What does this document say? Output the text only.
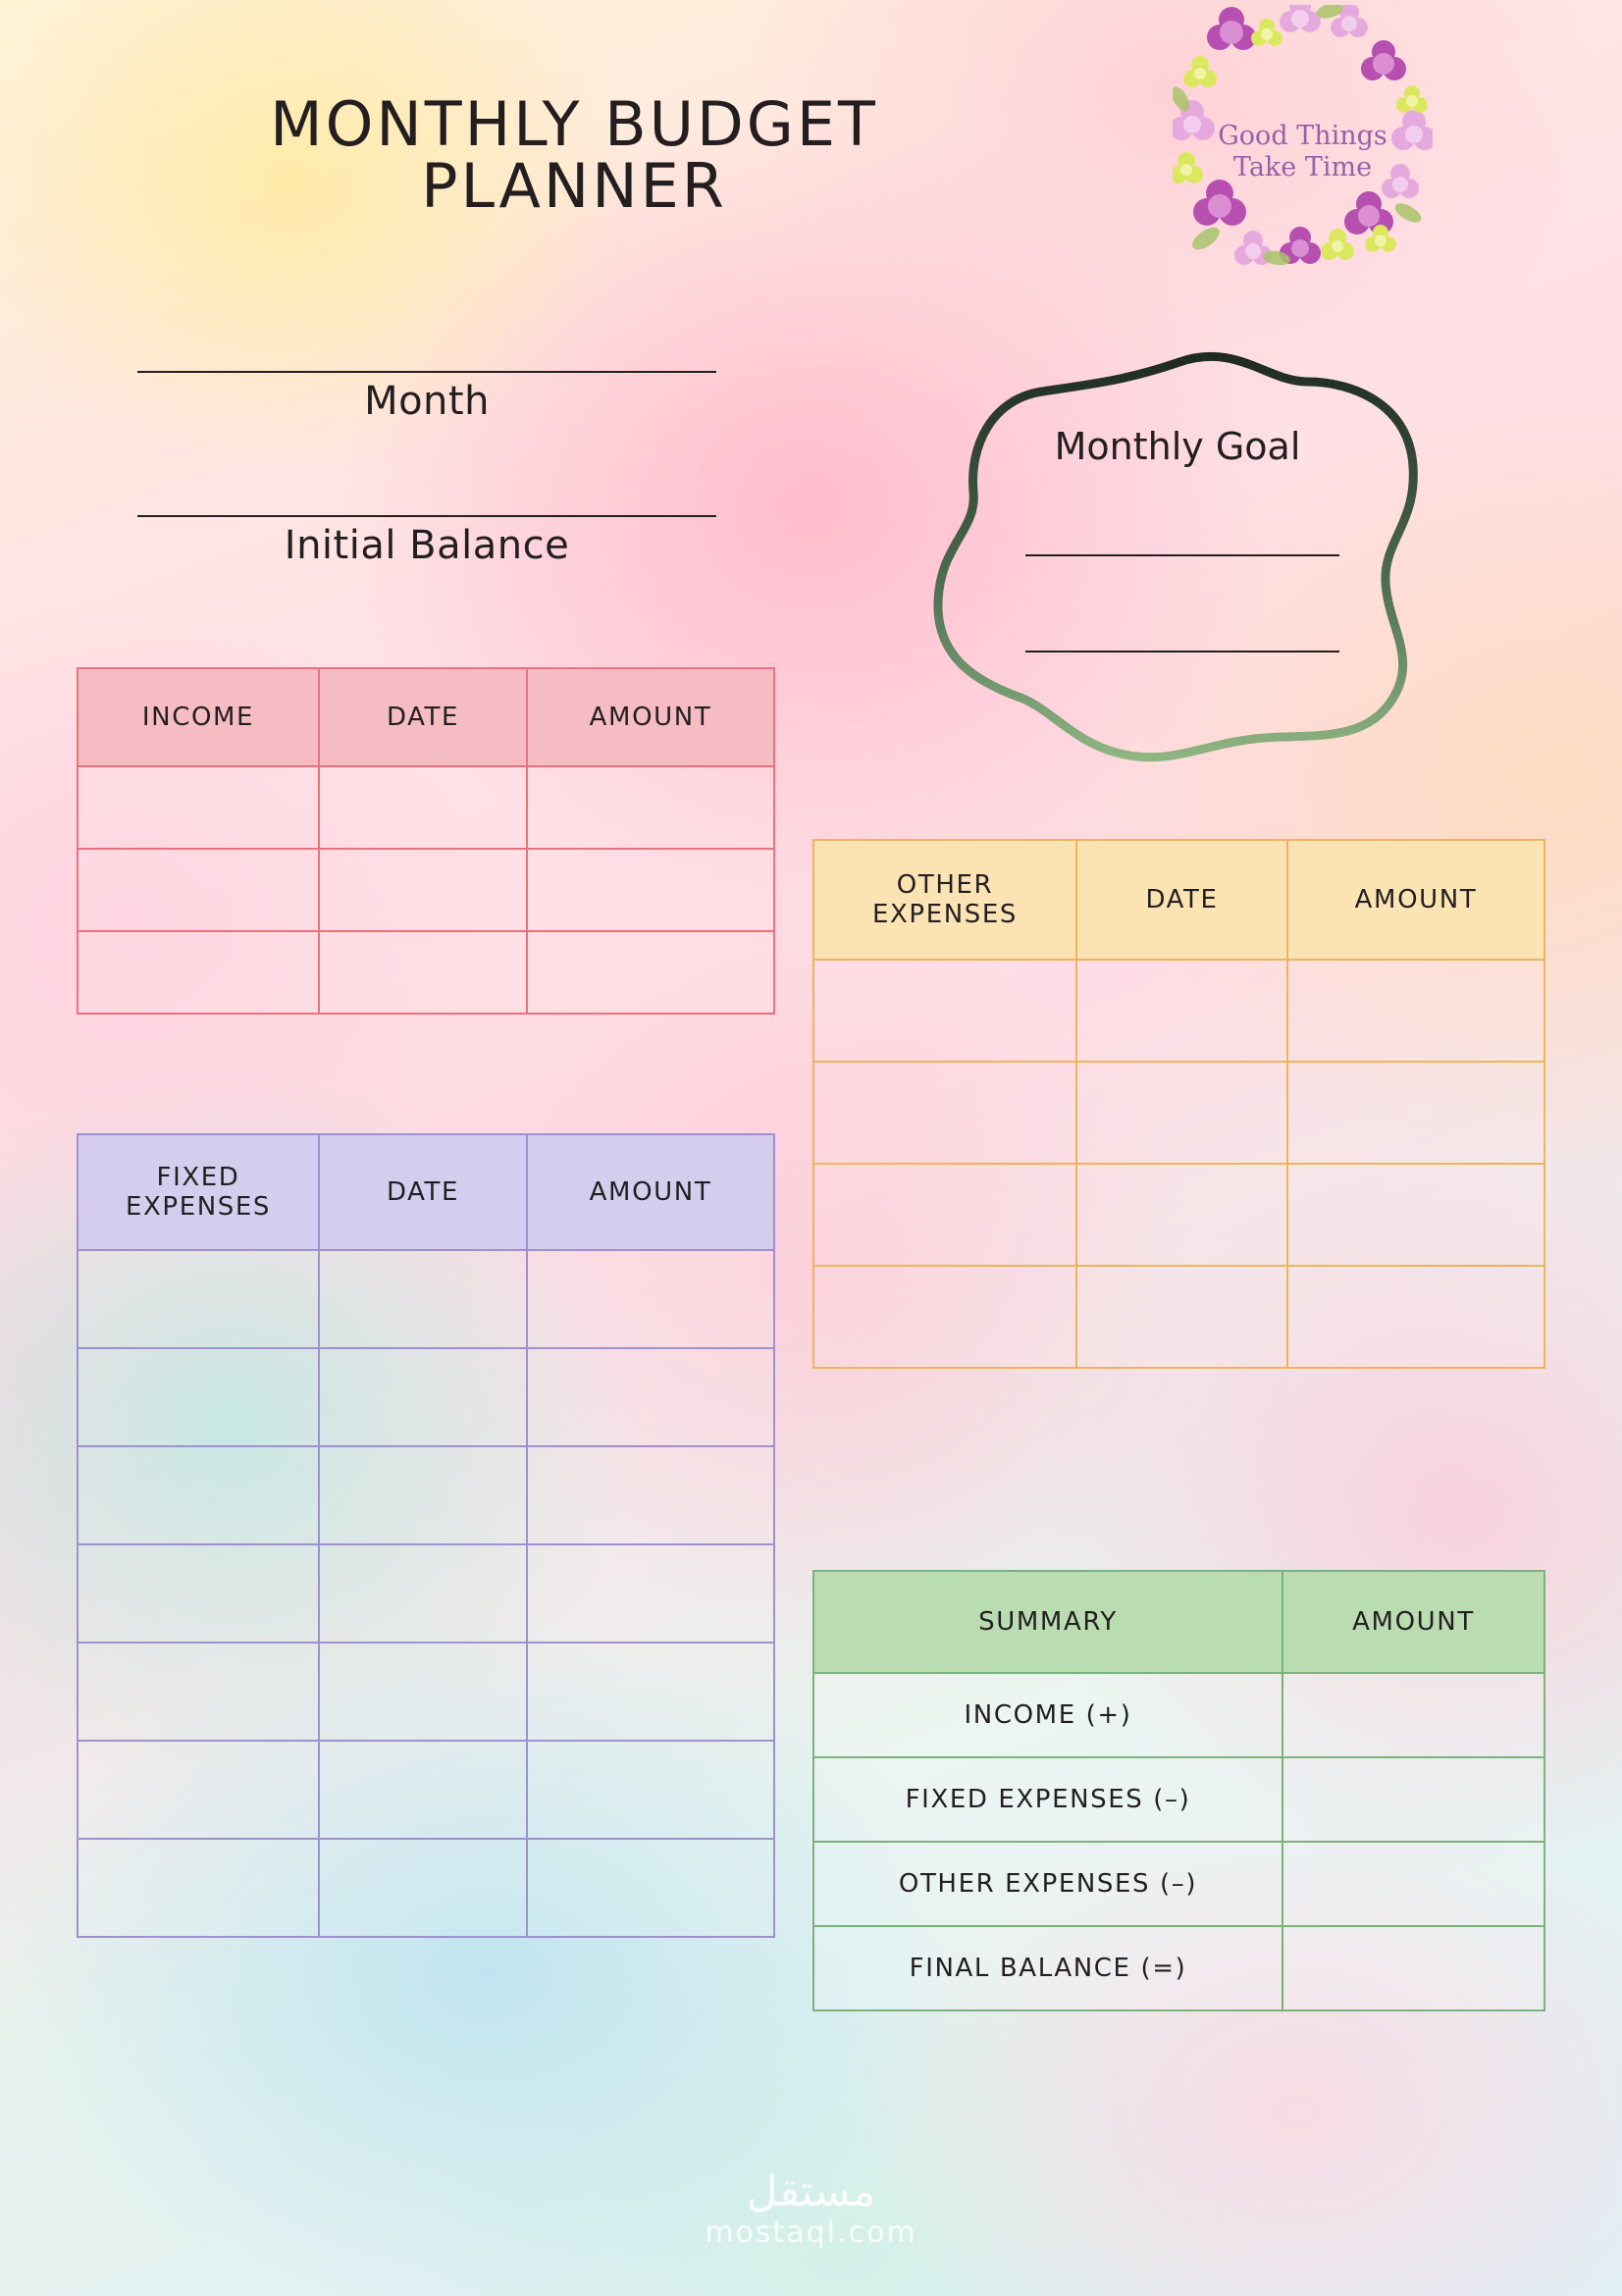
MONTHLY BUDGET
PLANNER
Good Things
Take Time
Month
Initial Balance
Monthly Goal
INCOME	DATE	AMOUNT

FIXED
EXPENSES	DATE	AMOUNT

OTHER
EXPENSES	DATE	AMOUNT

SUMMARY	AMOUNT
INCOME (+)	
FIXED EXPENSES (–)	
OTHER EXPENSES (–)	
FINAL BALANCE (=)	
مستقل
mostaql.com
